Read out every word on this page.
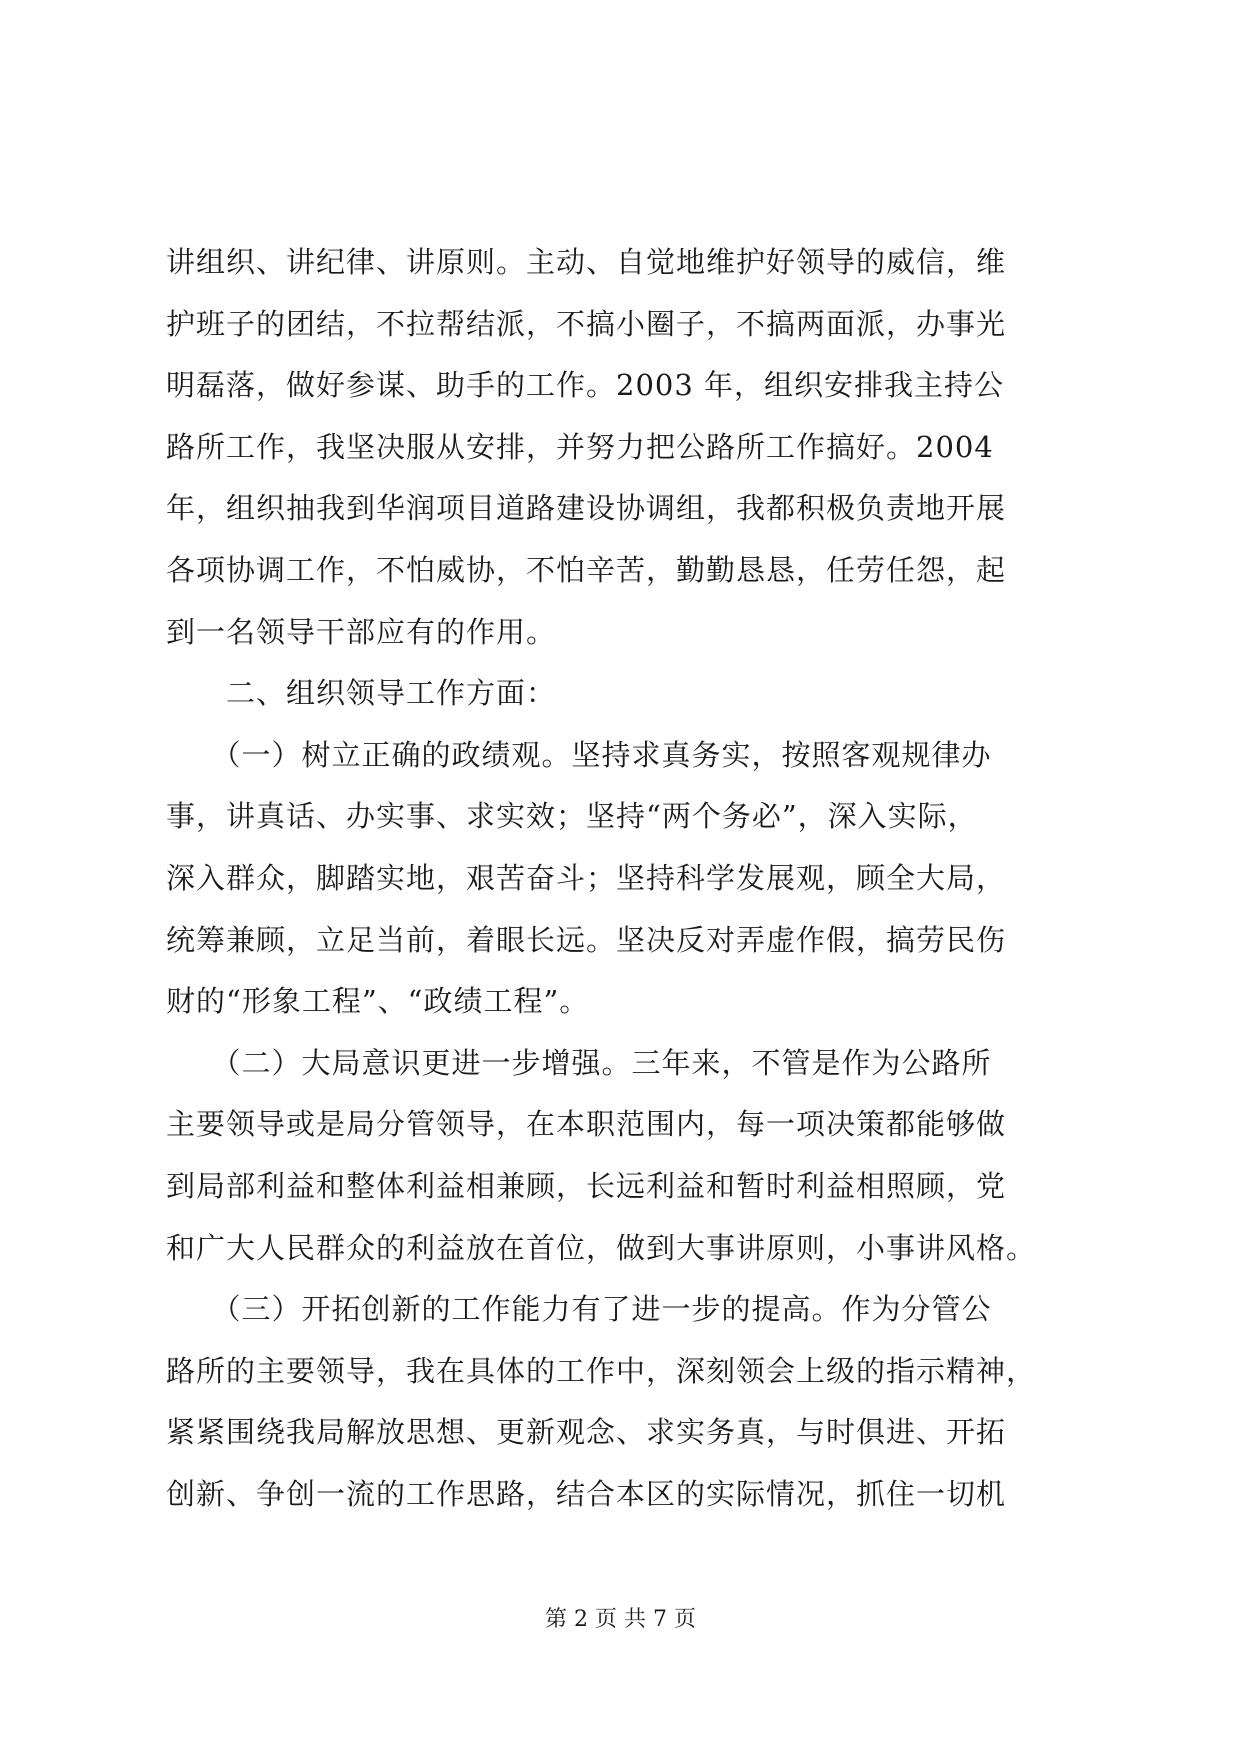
讲组织、讲纪律、讲原则。主动、自觉地维护好领导的威信，维
护班子的团结，不拉帮结派，不搞小圈子，不搞两面派，办事光
明磊落，做好参谋、助手的工作。2003 年，组织安排我主持公
路所工作，我坚决服从安排，并努力把公路所工作搞好。2004
年，组织抽我到华润项目道路建设协调组，我都积极负责地开展
各项协调工作，不怕威协，不怕辛苦，勤勤恳恳，任劳任怨，起
到一名领导干部应有的作用。
　　二、组织领导工作方面：
　　（一）树立正确的政绩观。坚持求真务实，按照客观规律办
事，讲真话、办实事、求实效；坚持“两个务必”，深入实际，
深入群众，脚踏实地，艰苦奋斗；坚持科学发展观，顾全大局，
统筹兼顾，立足当前，着眼长远。坚决反对弄虚作假，搞劳民伤
财的“形象工程”、“政绩工程”。
　　（二）大局意识更进一步增强。三年来，不管是作为公路所
主要领导或是局分管领导，在本职范围内，每一项决策都能够做
到局部利益和整体利益相兼顾，长远利益和暂时利益相照顾，党
和广大人民群众的利益放在首位，做到大事讲原则，小事讲风格。
　　（三）开拓创新的工作能力有了进一步的提高。作为分管公
路所的主要领导，我在具体的工作中，深刻领会上级的指示精神，
紧紧围绕我局解放思想、更新观念、求实务真，与时俱进、开拓
创新、争创一流的工作思路，结合本区的实际情况，抓住一切机
第 2 页 共 7 页
